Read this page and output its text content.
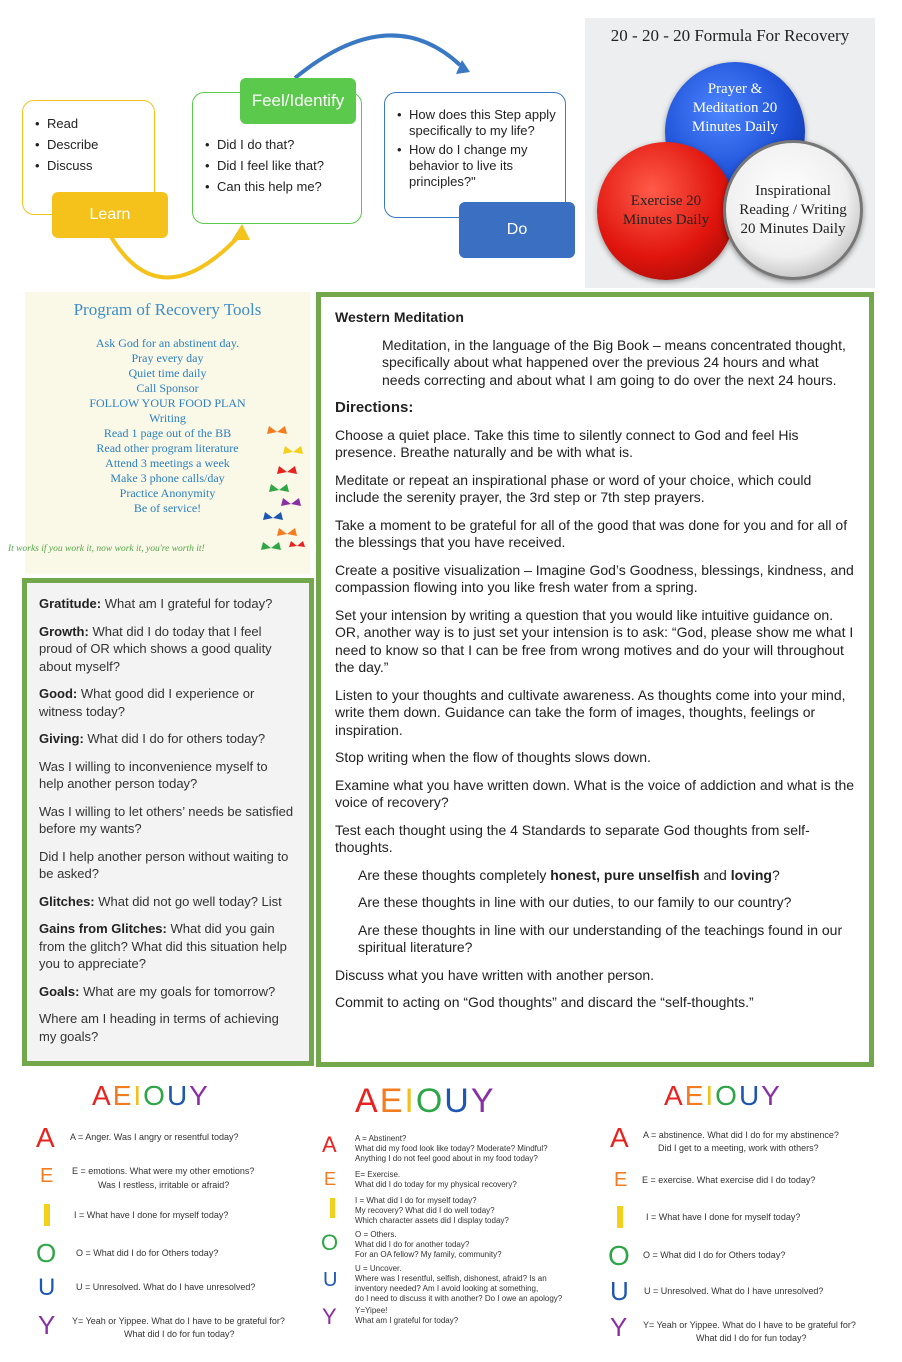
• Read
• Describe
• Discuss
Learn
• Did I do that?
• Did I feel like that?
• Can this help me?
Feel/Identify
• How does this Step apply specifically to my life?
• How do I change my behavior to live its principles?"
Do
20 - 20 - 20 Formula For Recovery
Prayer & Meditation 20 Minutes Daily
Exercise 20 Minutes Daily
Inspirational Reading / Writing 20 Minutes Daily
Program of Recovery Tools
Ask God for an abstinent day.
Pray every day
Quiet time daily
Call Sponsor
FOLLOW YOUR FOOD PLAN
Writing
Read 1 page out of the BB
Read other program literature
Attend 3 meetings a week
Make 3 phone calls/day
Practice Anonymity
Be of service!
It works if you work it, now work it, you're worth it!

Gratitude: What am I grateful for today?

Growth: What did I do today that I feel proud of OR which shows a good quality about myself?

Good: What good did I experience or witness today?

Giving: What did I do for others today?

Was I willing to inconvenience myself to help another person today?

Was I willing to let others’ needs be satisfied before my wants?

Did I help another person without waiting to be asked?

Glitches: What did not go well today? List

Gains from Glitches: What did you gain from the glitch? What did this situation help you to appreciate?

Goals: What are my goals for tomorrow?

Where am I heading in terms of achieving my goals?

Western Meditation

Meditation, in the language of the Big Book – means concentrated thought, specifically about what happened over the previous 24 hours and what needs correcting and about what I am going to do over the next 24 hours.

Directions:

Choose a quiet place. Take this time to silently connect to God and feel His presence. Breathe naturally and be with what is.

Meditate or repeat an inspirational phase or word of your choice, which could include the serenity prayer, the 3rd step or 7th step prayers.

Take a moment to be grateful for all of the good that was done for you and for all of the blessings that you have received.

Create a positive visualization – Imagine God’s Goodness, blessings, kindness, and compassion flowing into you like fresh water from a spring.

Set your intension by writing a question that you would like intuitive guidance on. OR, another way is to just set your intension is to ask: “God, please show me what I need to know so that I can be free from wrong motives and do your will throughout the day.”

Listen to your thoughts and cultivate awareness. As thoughts come into your mind, write them down. Guidance can take the form of images, thoughts, feelings or inspiration.

Stop writing when the flow of thoughts slows down.

Examine what you have written down. What is the voice of addiction and what is the voice of recovery?

Test each thought using the 4 Standards to separate God thoughts from self-thoughts.

Are these thoughts completely honest, pure unselfish and loving?

Are these thoughts in line with our duties, to our family to our country?

Are these thoughts in line with our understanding of the teachings found in our spiritual literature?

Discuss what you have written with another person.

Commit to acting on “God thoughts” and discard the “self-thoughts.”

AEIOUY
A A = Anger. Was I angry or resentful today?
E E = emotions. What were my other emotions?
Was I restless, irritable or afraid?
I = What have I done for myself today?
O O = What did I do for Others today?
U U = Unresolved. What do I have unresolved?
Y Y= Yeah or Yippee. What do I have to be grateful for?
What did I do for fun today?
AEIOUY
A A = Abstinent?
What did my food look like today? Moderate? Mindful?
Anything I do not feel good about in my food today?
E E= Exercise.
What did I do today for my physical recovery?
I = What did I do for myself today?
My recovery? What did I do well today?
Which character assets did I display today?
O O = Others.
What did I do for another today?
For an OA fellow? My family, community?
U
U = Uncover.
Where was I resentful, selfish, dishonest, afraid? Is an
inventory needed? Am I avoid looking at something,
do I need to discuss it with another? Do I owe an apology?
Y Y=Yipee!
What am I grateful for today?
AEIOUY
A A = abstinence. What did I do for my abstinence?
Did I get to a meeting, work with others?
E E = exercise. What exercise did I do today?
I = What have I done for myself today?
O O = What did I do for Others today?
U U = Unresolved. What do I have unresolved?
Y Y= Yeah or Yippee. What do I have to be grateful for?
What did I do for fun today?
